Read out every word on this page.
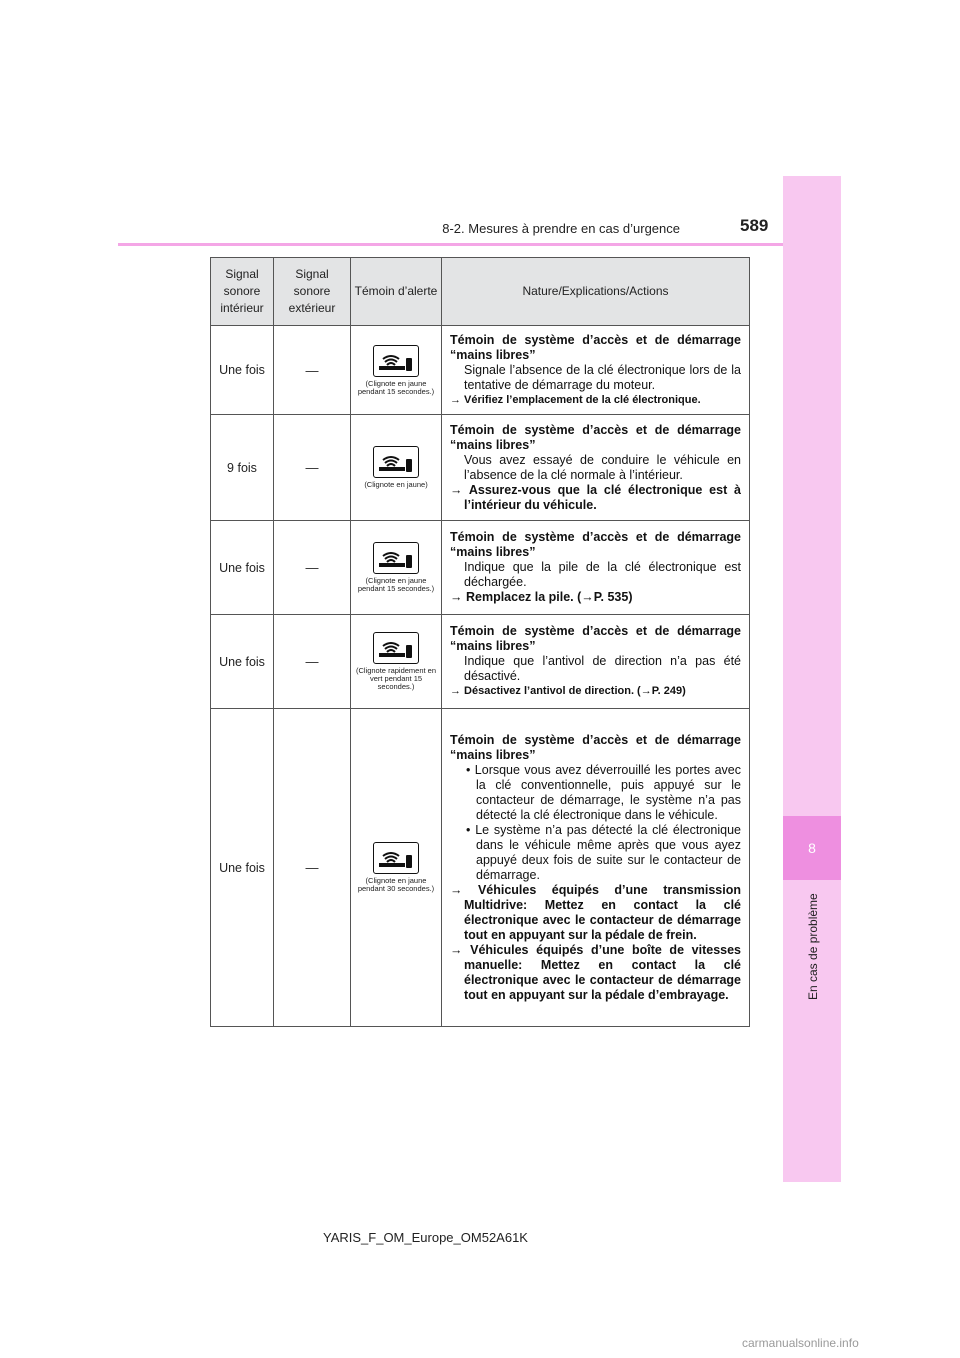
8
En cas de problème
8-2. Mesures à prendre en cas d’urgence	589
Signal sonore intérieur	Signal sonore extérieur	Témoin d’alerte	Nature/Explications/Actions
Une fois	—	(Clignote en jaune pendant 15 secondes.)	Témoin de système d’accès et de démarrage “mains libres”
Signale l’absence de la clé électronique lors de la tentative de démarrage du moteur.
→ Vérifiez l’emplacement de la clé électronique.

9 fois	—	(Clignote en jaune)	Témoin de système d’accès et de démarrage “mains libres”
Vous avez essayé de conduire le véhicule en l’absence de la clé normale à l’intérieur.
→ Assurez-vous que la clé électronique est à l’intérieur du véhicule.

Une fois	—	(Clignote en jaune pendant 15 secondes.)	Témoin de système d’accès et de démarrage “mains libres”
Indique que la pile de la clé électronique est déchargée.
→ Remplacez la pile. (→P. 535)

Une fois	—	(Clignote rapidement en vert pendant 15 secondes.)	Témoin de système d’accès et de démarrage “mains libres”
Indique que l’antivol de direction n’a pas été désactivé.
→ Désactivez l’antivol de direction. (→P. 249)

Une fois	—	(Clignote en jaune pendant 30 secondes.)	Témoin de système d’accès et de démarrage “mains libres”
• Lorsque vous avez déverrouillé les portes avec la clé conventionnelle, puis appuyé sur le contacteur de démarrage, le système n’a pas détecté la clé électronique dans le véhicule.
• Le système n’a pas détecté la clé électronique dans le véhicule même après que vous ayez appuyé deux fois de suite sur le contacteur de démarrage.
→ Véhicules équipés d’une transmission Multidrive: Mettez en contact la clé électronique avec le contacteur de démarrage tout en appuyant sur la pédale de frein.
→ Véhicules équipés d’une boîte de vitesses manuelle: Mettez en contact la clé électronique avec le contacteur de démarrage tout en appuyant sur la pédale d’embrayage.
YARIS_F_OM_Europe_OM52A61K
carmanualsonline.info
